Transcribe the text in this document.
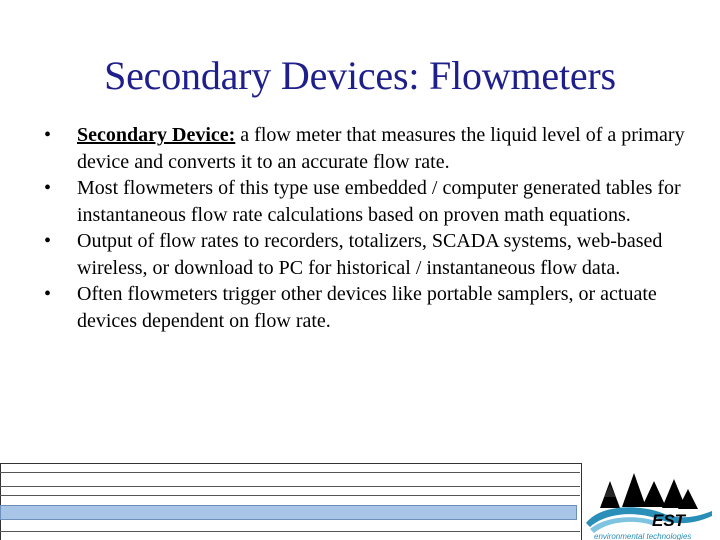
Secondary Devices: Flowmeters
• Secondary Device: a flow meter that measures the liquid level of a primary device and converts it to an accurate flow rate.
• Most flowmeters of this type use embedded / computer generated tables for instantaneous flow rate calculations based on proven math equations.
• Output of flow rates to recorders, totalizers, SCADA systems, web-based wireless, or download to PC for historical / instantaneous flow data.
• Often flowmeters trigger other devices like portable samplers, or actuate devices dependent on flow rate.
EST
environmental technologies
